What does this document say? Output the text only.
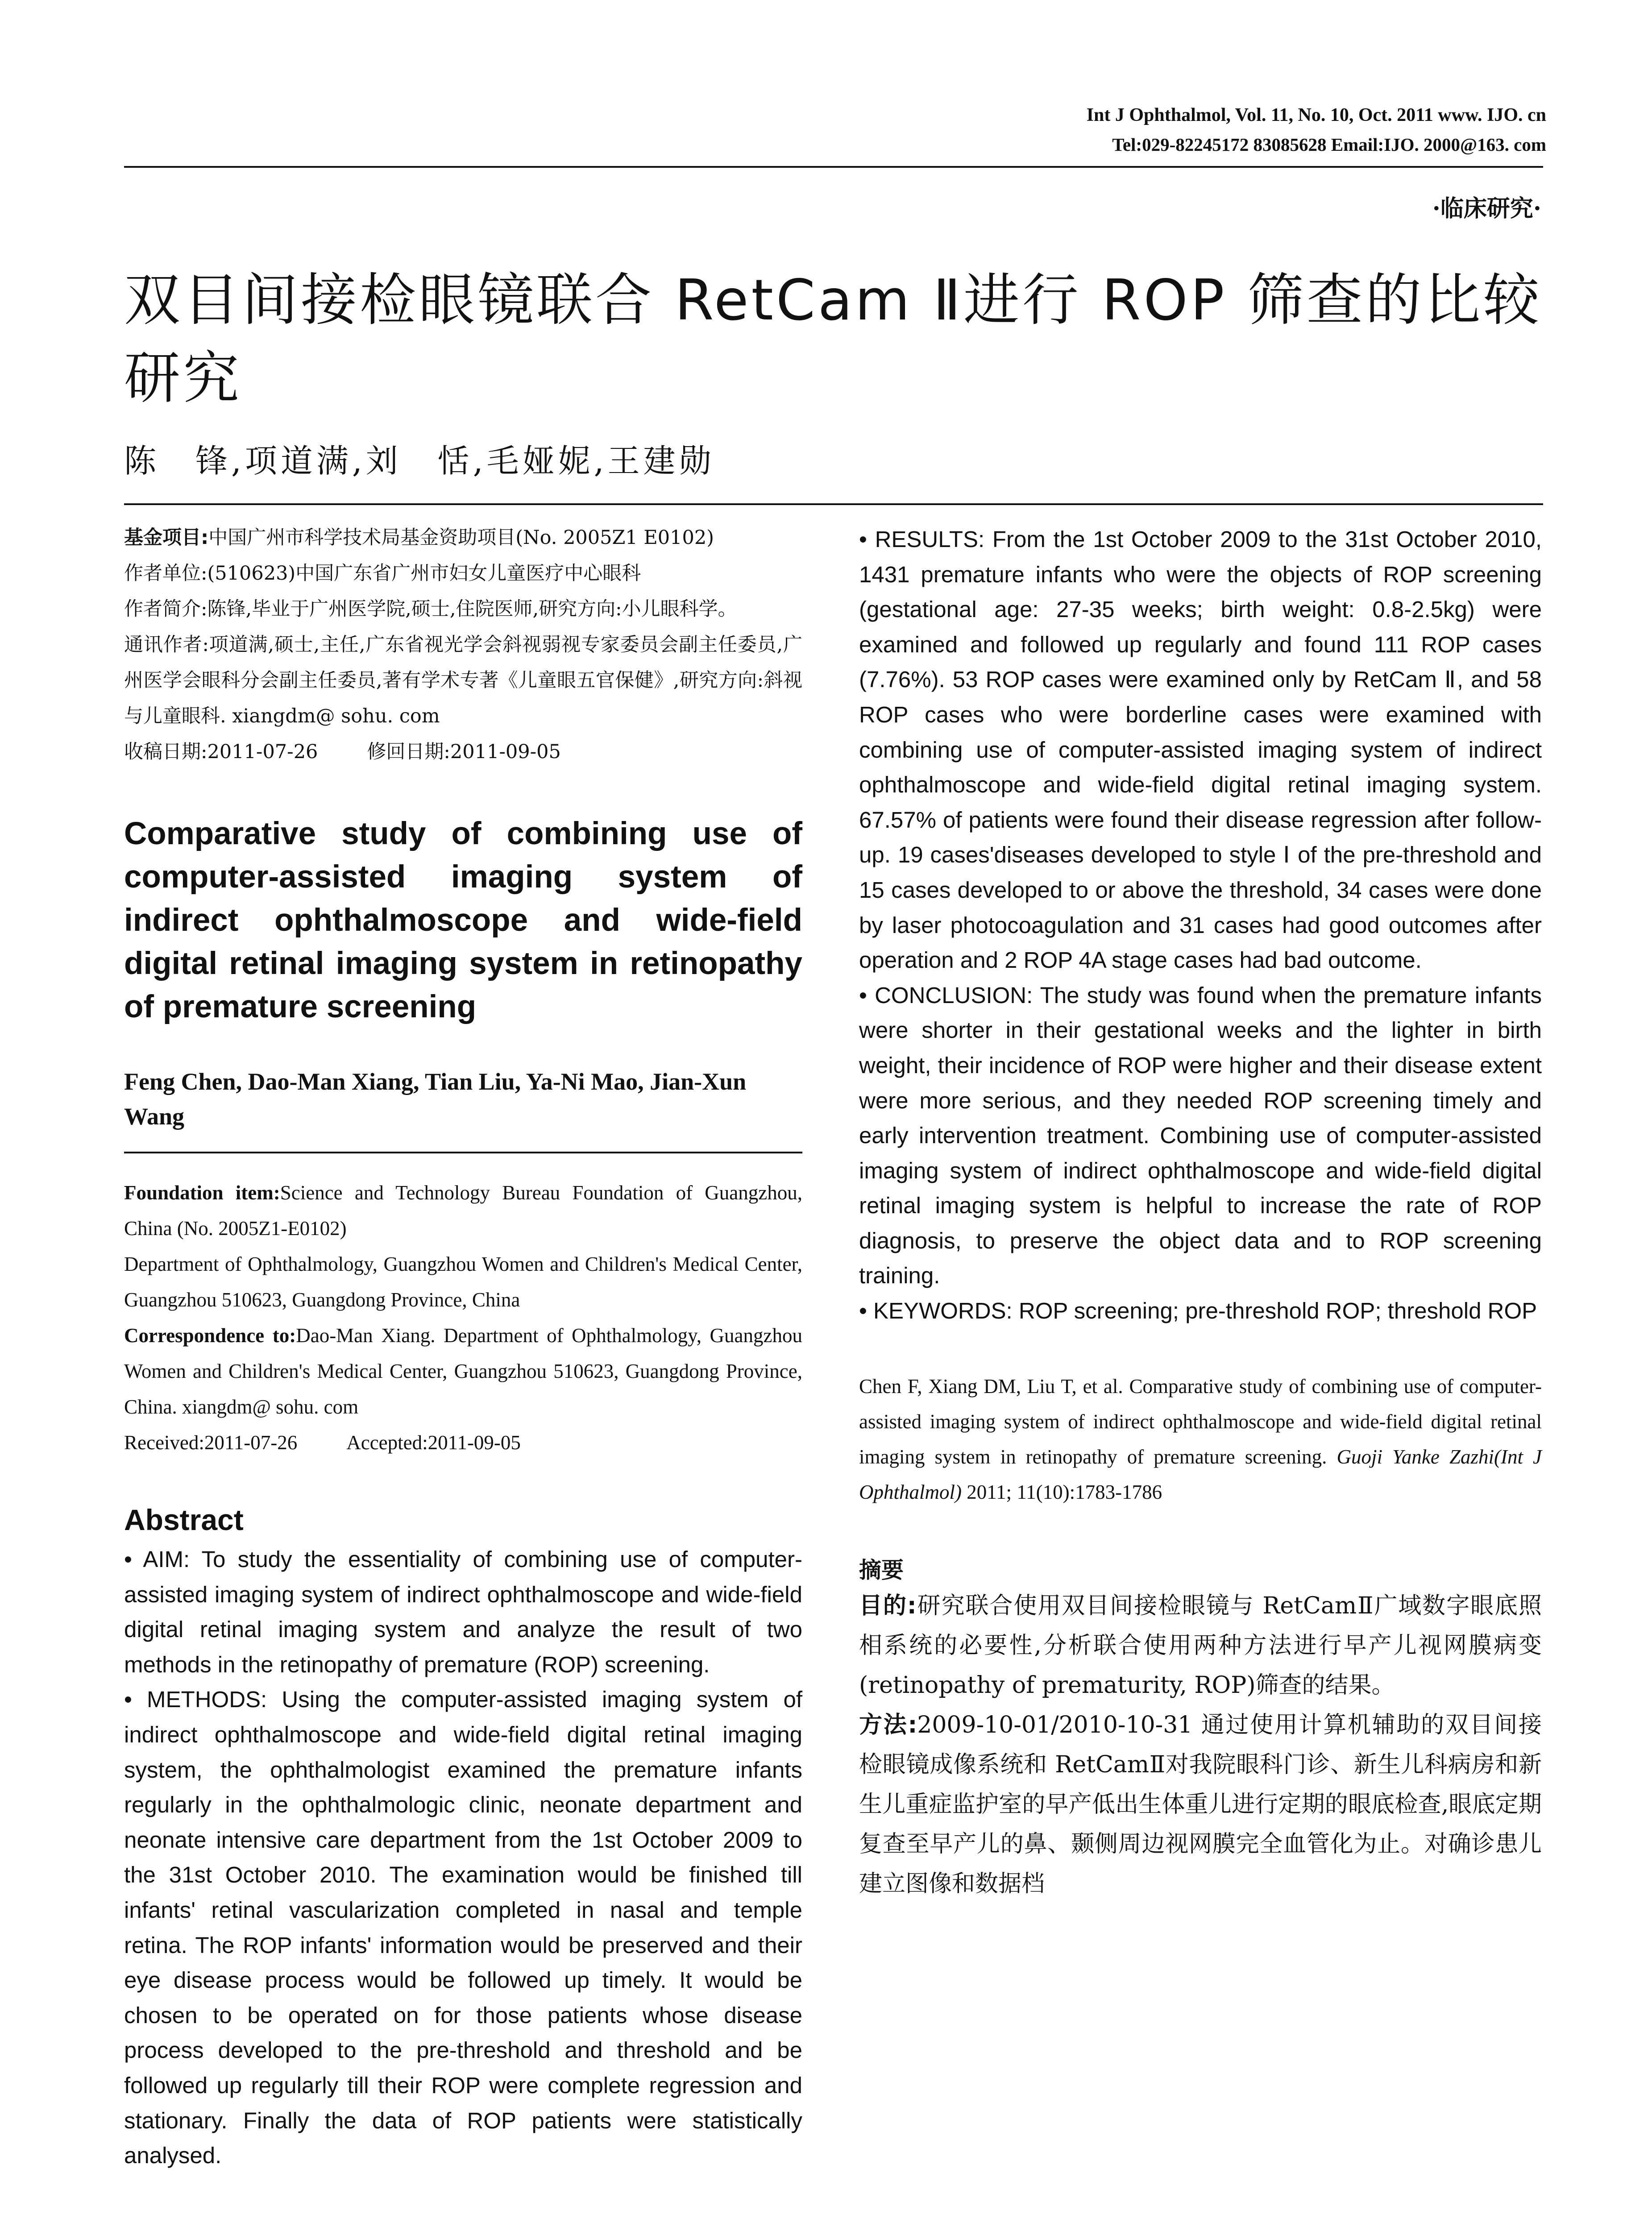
Int J Ophthalmol, Vol. 11, No. 10, Oct. 2011 www. IJO. cn
Tel:029-82245172 83085628 Email:IJO. 2000@163. com
·临床研究·
双目间接检眼镜联合 RetCam Ⅱ进行 ROP 筛查的比较研究
陈　锋,项道满,刘　恬,毛娅妮,王建勋
基金项目:中国广州市科学技术局基金资助项目(No. 2005Z1 E0102)
作者单位:(510623)中国广东省广州市妇女儿童医疗中心眼科
作者简介:陈锋,毕业于广州医学院,硕士,住院医师,研究方向:小儿眼科学。
通讯作者:项道满,硕士,主任,广东省视光学会斜视弱视专家委员会副主任委员,广州医学会眼科分会副主任委员,著有学术专著《儿童眼五官保健》,研究方向:斜视与儿童眼科. xiangdm@ sohu. com
收稿日期:2011-07-26	修回日期:2011-09-05
Comparative study of combining use of computer-assisted imaging system of indirect ophthalmoscope and wide-field digital retinal imaging system in retinopathy of premature screening
Feng Chen, Dao-Man Xiang, Tian Liu, Ya-Ni Mao, Jian-Xun Wang
Foundation item:Science and Technology Bureau Foundation of Guangzhou, China (No. 2005Z1-E0102)
Department of Ophthalmology, Guangzhou Women and Children's Medical Center, Guangzhou 510623, Guangdong Province, China
Correspondence to:Dao-Man Xiang. Department of Ophthalmology, Guangzhou Women and Children's Medical Center, Guangzhou 510623, Guangdong Province, China. xiangdm@ sohu. com
Received:2011-07-26 Accepted:2011-09-05
Abstract

• AIM: To study the essentiality of combining use of computer-assisted imaging system of indirect ophthalmoscope and wide-field digital retinal imaging system and analyze the result of two methods in the retinopathy of premature (ROP) screening.

• METHODS: Using the computer-assisted imaging system of indirect ophthalmoscope and wide-field digital retinal imaging system, the ophthalmologist examined the premature infants regularly in the ophthalmologic clinic, neonate department and neonate intensive care department from the 1st October 2009 to the 31st October 2010. The examination would be finished till infants' retinal vascularization completed in nasal and temple retina. The ROP infants' information would be preserved and their eye disease process would be followed up timely. It would be chosen to be operated on for those patients whose disease process developed to the pre-threshold and threshold and be followed up regularly till their ROP were complete regression and stationary. Finally the data of ROP patients were statistically analysed.

• RESULTS: From the 1st October 2009 to the 31st October 2010, 1431 premature infants who were the objects of ROP screening (gestational age: 27-35 weeks; birth weight: 0.8-2.5kg) were examined and followed up regularly and found 111 ROP cases (7.76%). 53 ROP cases were examined only by RetCam Ⅱ, and 58 ROP cases who were borderline cases were examined with combining use of computer-assisted imaging system of indirect ophthalmoscope and wide-field digital retinal imaging system. 67.57% of patients were found their disease regression after follow-up. 19 cases'diseases developed to style Ⅰ of the pre-threshold and 15 cases developed to or above the threshold, 34 cases were done by laser photocoagulation and 31 cases had good outcomes after operation and 2 ROP 4A stage cases had bad outcome.

• CONCLUSION: The study was found when the premature infants were shorter in their gestational weeks and the lighter in birth weight, their incidence of ROP were higher and their disease extent were more serious, and they needed ROP screening timely and early intervention treatment. Combining use of computer-assisted imaging system of indirect ophthalmoscope and wide-field digital retinal imaging system is helpful to increase the rate of ROP diagnosis, to preserve the object data and to ROP screening training.

• KEYWORDS: ROP screening; pre-threshold ROP; threshold ROP

Chen F, Xiang DM, Liu T, et al. Comparative study of combining use of computer-assisted imaging system of indirect ophthalmoscope and wide-field digital retinal imaging system in retinopathy of premature screening. Guoji Yanke Zazhi(Int J Ophthalmol) 2011; 11(10):1783-1786
摘要

目的:研究联合使用双目间接检眼镜与 RetCamⅡ广域数字眼底照相系统的必要性,分析联合使用两种方法进行早产儿视网膜病变(retinopathy of prematurity, ROP)筛查的结果。

方法:2009-10-01/2010-10-31 通过使用计算机辅助的双目间接检眼镜成像系统和 RetCamⅡ对我院眼科门诊、新生儿科病房和新生儿重症监护室的早产低出生体重儿进行定期的眼底检查,眼底定期复查至早产儿的鼻、颞侧周边视网膜完全血管化为止。对确诊患儿建立图像和数据档
